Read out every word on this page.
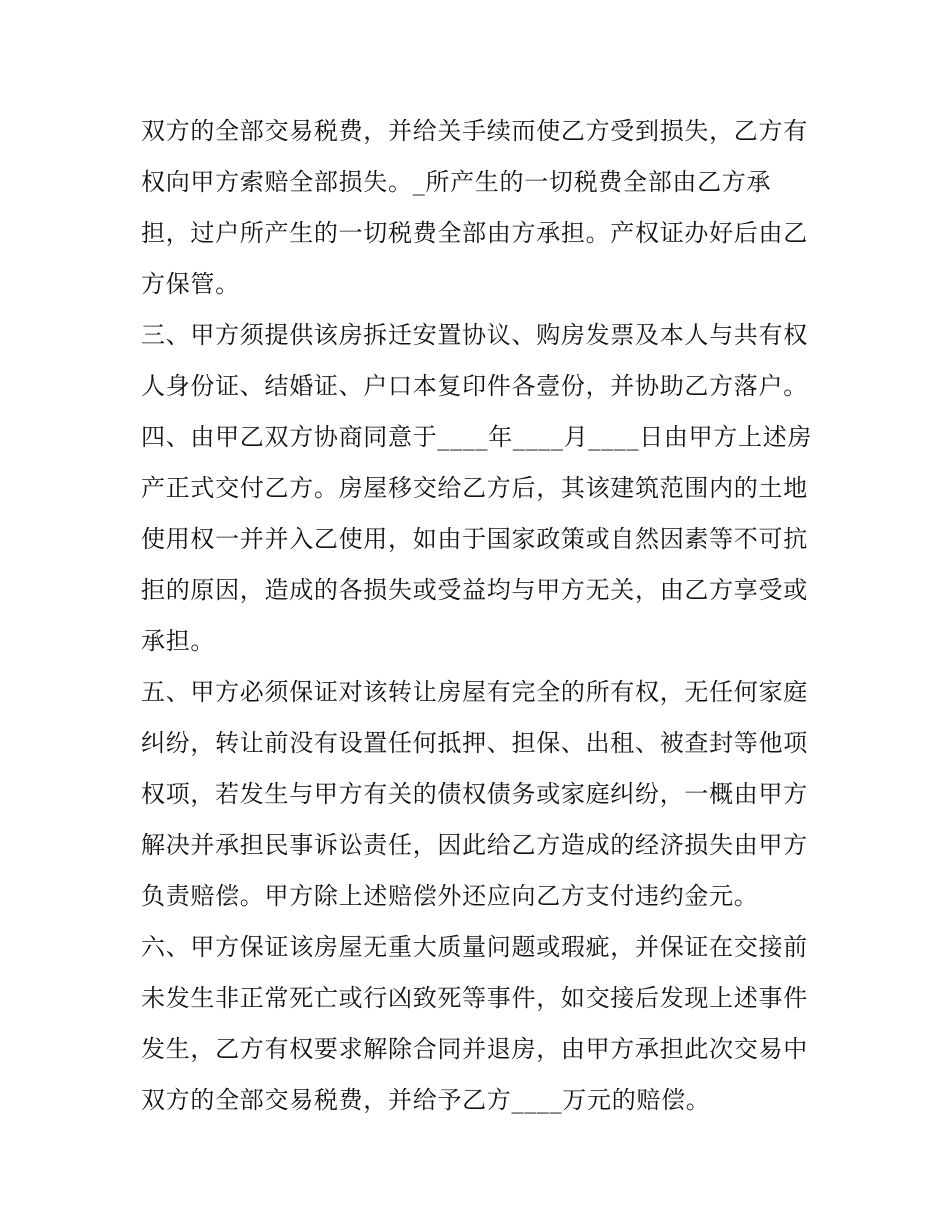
双方的全部交易税费，并给关手续而使乙方受到损失，乙方有
权向甲方索赔全部损失。_所产生的一切税费全部由乙方承
担，过户所产生的一切税费全部由方承担。产权证办好后由乙
方保管。
三、甲方须提供该房拆迁安置协议、购房发票及本人与共有权
人身份证、结婚证、户口本复印件各壹份，并协助乙方落户。
四、由甲乙双方协商同意于____年____月____日由甲方上述房
产正式交付乙方。房屋移交给乙方后，其该建筑范围内的土地
使用权一并并入乙使用，如由于国家政策或自然因素等不可抗
拒的原因，造成的各损失或受益均与甲方无关，由乙方享受或
承担。
五、甲方必须保证对该转让房屋有完全的所有权，无任何家庭
纠纷，转让前没有设置任何抵押、担保、出租、被查封等他项
权项，若发生与甲方有关的债权债务或家庭纠纷，一概由甲方
解决并承担民事诉讼责任，因此给乙方造成的经济损失由甲方
负责赔偿。甲方除上述赔偿外还应向乙方支付违约金元。
六、甲方保证该房屋无重大质量问题或瑕疵，并保证在交接前
未发生非正常死亡或行凶致死等事件，如交接后发现上述事件
发生，乙方有权要求解除合同并退房，由甲方承担此次交易中
双方的全部交易税费，并给予乙方____万元的赔偿。
